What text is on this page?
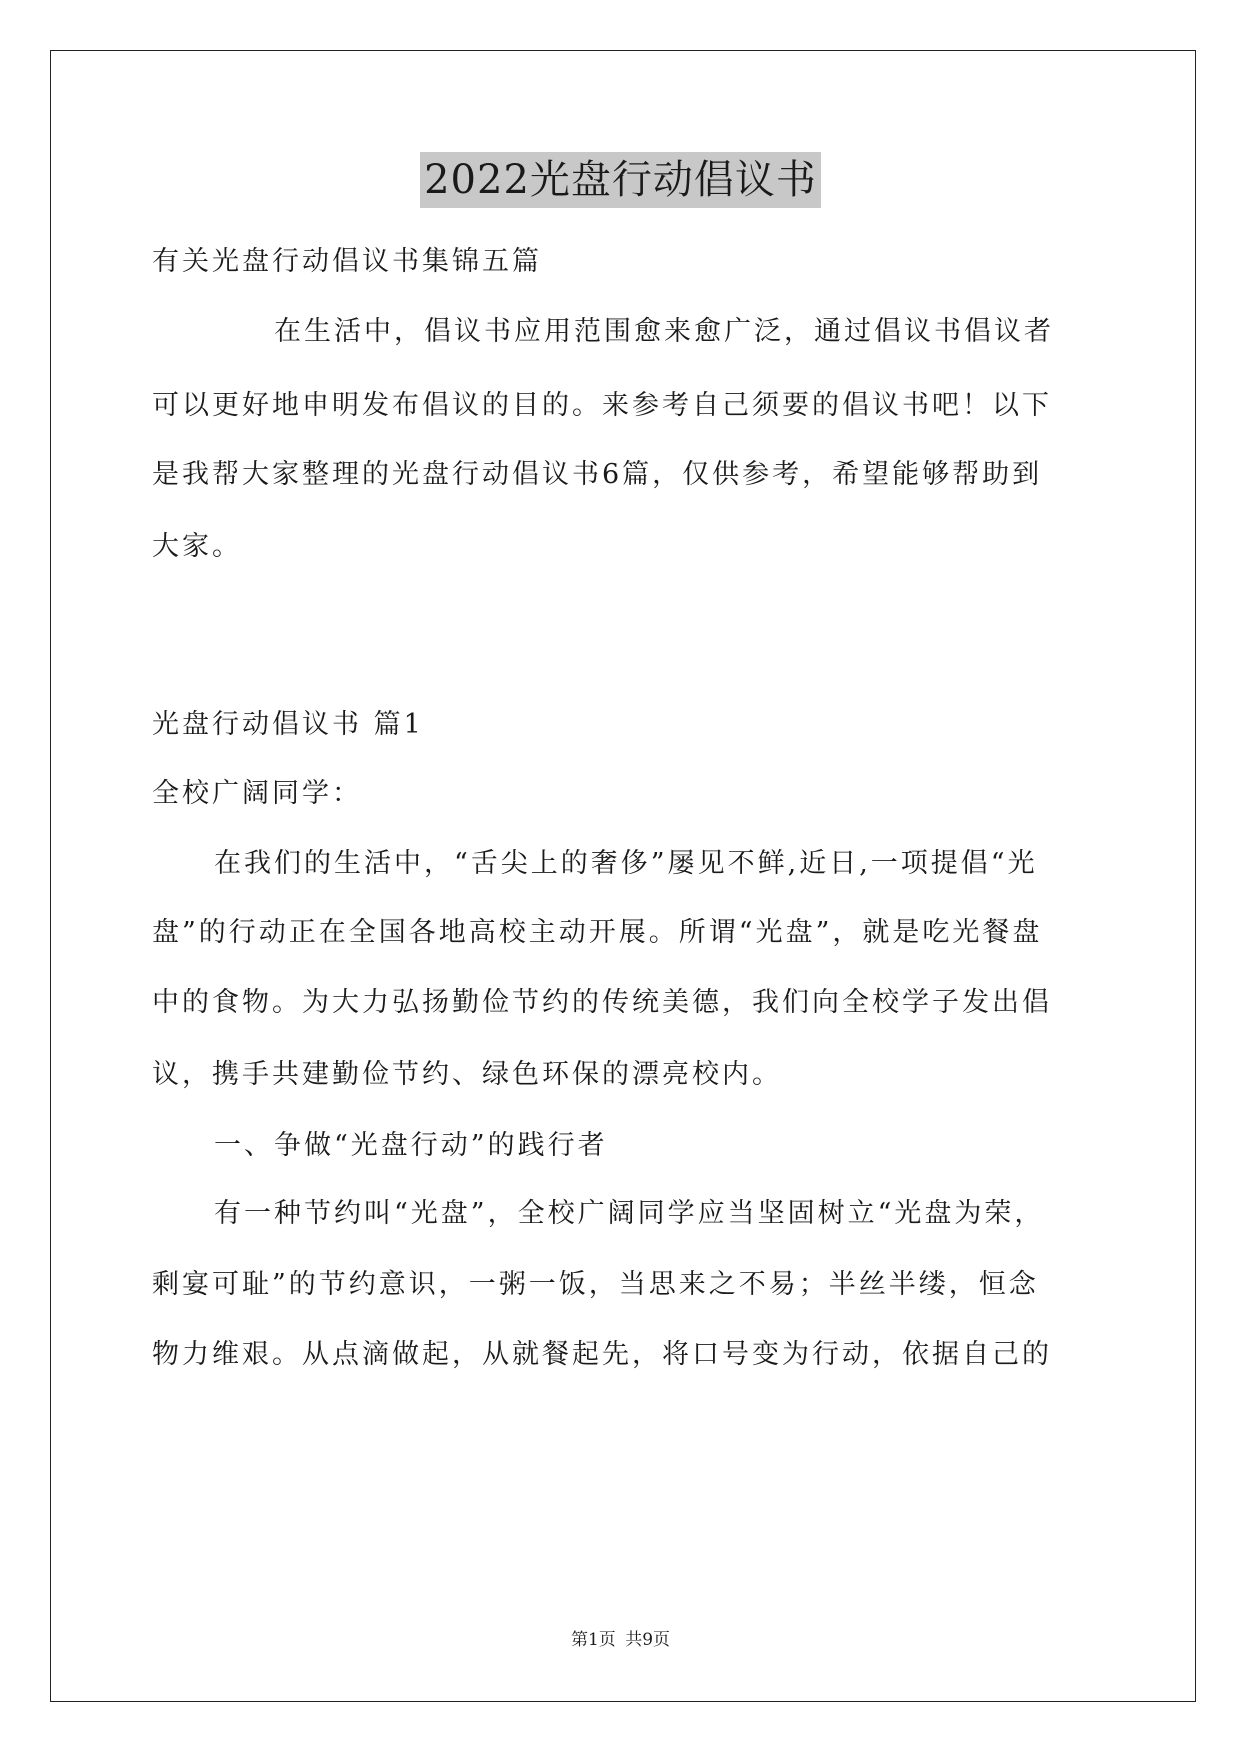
2022光盘行动倡议书

有关光盘行动倡议书集锦五篇

在生活中，倡议书应用范围愈来愈广泛，通过倡议书倡议者

可以更好地申明发布倡议的目的。来参考自己须要的倡议书吧！以下

是我帮大家整理的光盘行动倡议书6篇，仅供参考，希望能够帮助到

大家。

光盘行动倡议书 篇1

全校广阔同学：

在我们的生活中，“舌尖上的奢侈”屡见不鲜,近日,一项提倡“光

盘”的行动正在全国各地高校主动开展。所谓“光盘”，就是吃光餐盘

中的食物。为大力弘扬勤俭节约的传统美德，我们向全校学子发出倡

议，携手共建勤俭节约、绿色环保的漂亮校内。

一、争做“光盘行动”的践行者

有一种节约叫“光盘”，全校广阔同学应当坚固树立“光盘为荣，

剩宴可耻”的节约意识，一粥一饭，当思来之不易；半丝半缕，恒念

物力维艰。从点滴做起，从就餐起先，将口号变为行动，依据自己的

第1页 共9页
